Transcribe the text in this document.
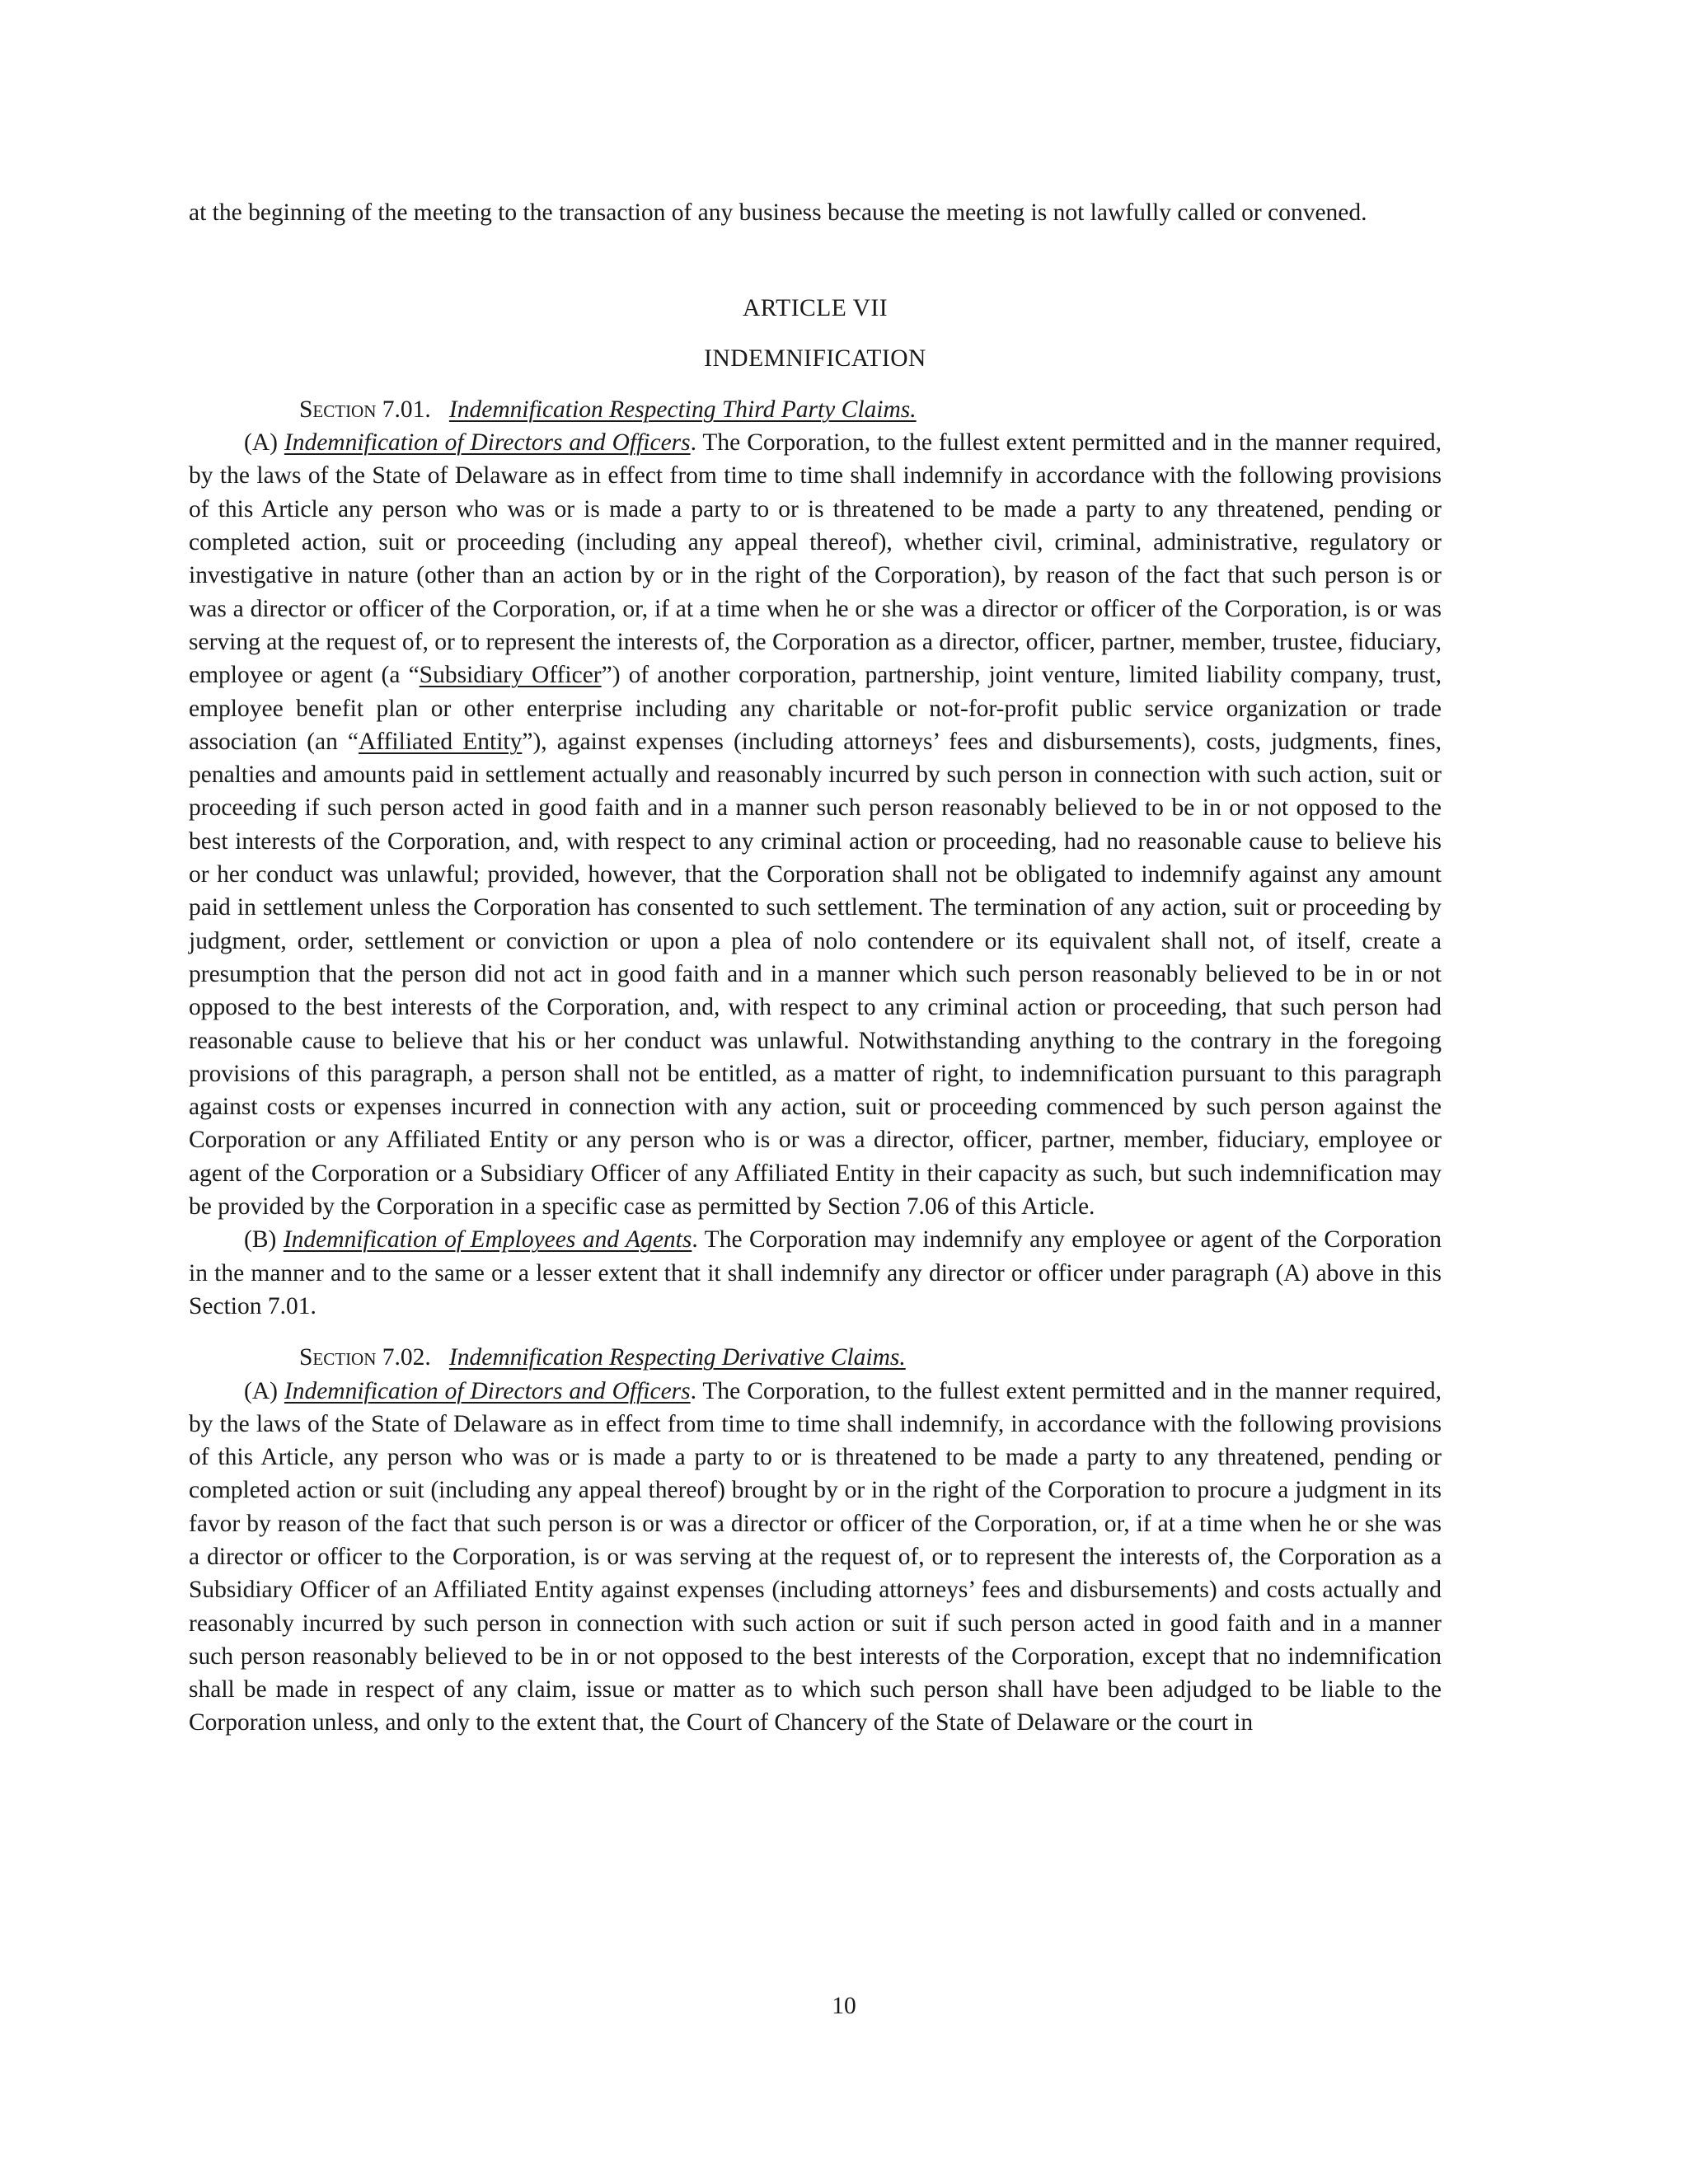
at the beginning of the meeting to the transaction of any business because the meeting is not lawfully called or convened.

ARTICLE VII

INDEMNIFICATION

Section 7.01. Indemnification Respecting Third Party Claims.

(A) Indemnification of Directors and Officers. The Corporation, to the fullest extent permitted and in the manner required, by the laws of the State of Delaware as in effect from time to time shall indemnify in accordance with the following provisions of this Article any person who was or is made a party to or is threatened to be made a party to any threatened, pending or completed action, suit or proceeding (including any appeal thereof), whether civil, criminal, administrative, regulatory or investigative in nature (other than an action by or in the right of the Corporation), by reason of the fact that such person is or was a director or officer of the Corporation, or, if at a time when he or she was a director or officer of the Corporation, is or was serving at the request of, or to represent the interests of, the Corporation as a director, officer, partner, member, trustee, fiduciary, employee or agent (a “Subsidiary Officer”) of another corporation, partnership, joint venture, limited liability company, trust, employee benefit plan or other enterprise including any charitable or not-for-profit public service organization or trade association (an “Affiliated Entity”), against expenses (including attorneys’ fees and disbursements), costs, judgments, fines, penalties and amounts paid in settlement actually and reasonably incurred by such person in connection with such action, suit or proceeding if such person acted in good faith and in a manner such person reasonably believed to be in or not opposed to the best interests of the Corporation, and, with respect to any criminal action or proceeding, had no reasonable cause to believe his or her conduct was unlawful; provided, however, that the Corporation shall not be obligated to indemnify against any amount paid in settlement unless the Corporation has consented to such settlement. The termination of any action, suit or proceeding by judgment, order, settlement or conviction or upon a plea of nolo contendere or its equivalent shall not, of itself, create a presumption that the person did not act in good faith and in a manner which such person reasonably believed to be in or not opposed to the best interests of the Corporation, and, with respect to any criminal action or proceeding, that such person had reasonable cause to believe that his or her conduct was unlawful. Notwithstanding anything to the contrary in the foregoing provisions of this paragraph, a person shall not be entitled, as a matter of right, to indemnification pursuant to this paragraph against costs or expenses incurred in connection with any action, suit or proceeding commenced by such person against the Corporation or any Affiliated Entity or any person who is or was a director, officer, partner, member, fiduciary, employee or agent of the Corporation or a Subsidiary Officer of any Affiliated Entity in their capacity as such, but such indemnification may be provided by the Corporation in a specific case as permitted by Section 7.06 of this Article.

(B) Indemnification of Employees and Agents. The Corporation may indemnify any employee or agent of the Corporation in the manner and to the same or a lesser extent that it shall indemnify any director or officer under paragraph (A) above in this Section 7.01.

Section 7.02. Indemnification Respecting Derivative Claims.

(A) Indemnification of Directors and Officers. The Corporation, to the fullest extent permitted and in the manner required, by the laws of the State of Delaware as in effect from time to time shall indemnify, in accordance with the following provisions of this Article, any person who was or is made a party to or is threatened to be made a party to any threatened, pending or completed action or suit (including any appeal thereof) brought by or in the right of the Corporation to procure a judgment in its favor by reason of the fact that such person is or was a director or officer of the Corporation, or, if at a time when he or she was a director or officer to the Corporation, is or was serving at the request of, or to represent the interests of, the Corporation as a Subsidiary Officer of an Affiliated Entity against expenses (including attorneys’ fees and disbursements) and costs actually and reasonably incurred by such person in connection with such action or suit if such person acted in good faith and in a manner such person reasonably believed to be in or not opposed to the best interests of the Corporation, except that no indemnification shall be made in respect of any claim, issue or matter as to which such person shall have been adjudged to be liable to the Corporation unless, and only to the extent that, the Court of Chancery of the State of Delaware or the court in

10
